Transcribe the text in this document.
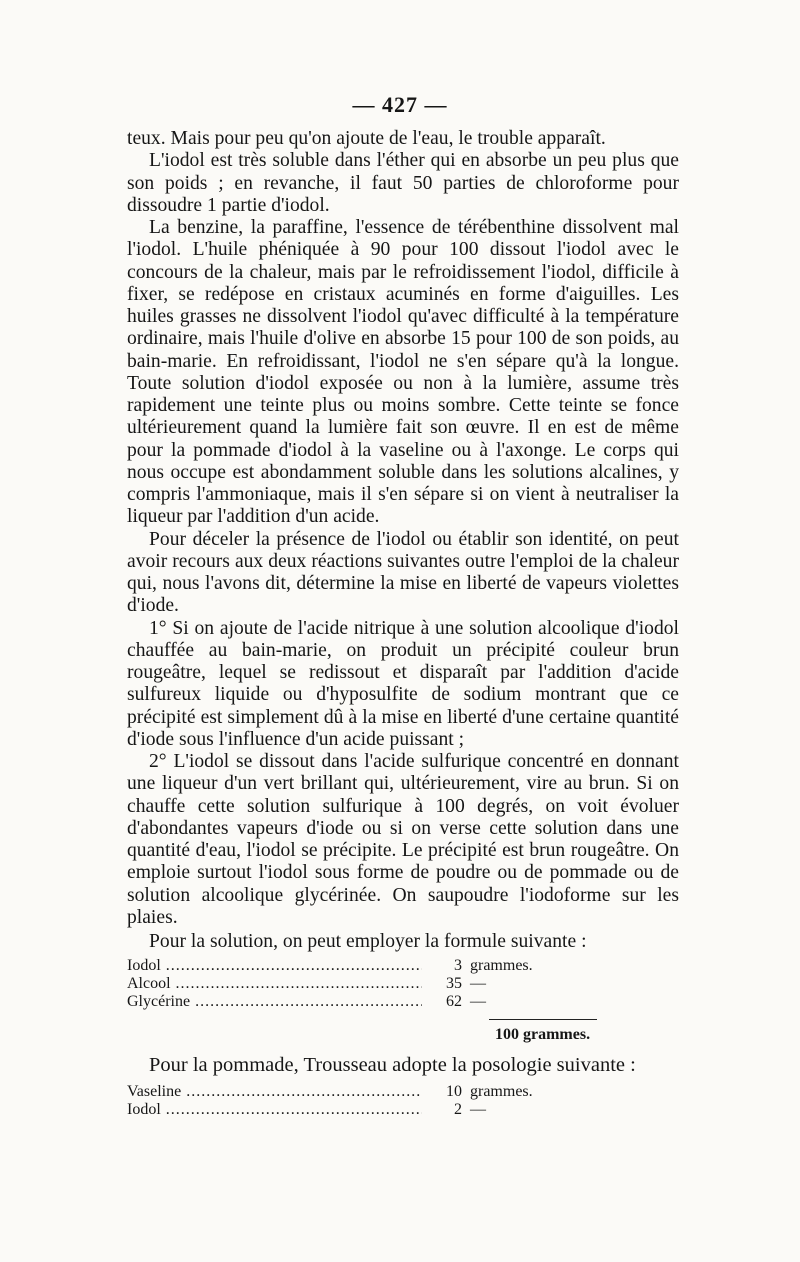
— 427 —

teux. Mais pour peu qu'on ajoute de l'eau, le trouble apparaît.

L'iodol est très soluble dans l'éther qui en absorbe un peu plus que son poids ; en revanche, il faut 50 parties de chloroforme pour dissoudre 1 partie d'iodol.

La benzine, la paraffine, l'essence de térébenthine dissolvent mal l'iodol. L'huile phéniquée à 90 pour 100 dissout l'iodol avec le concours de la chaleur, mais par le refroidissement l'iodol, difficile à fixer, se redépose en cristaux acuminés en forme d'aiguilles. Les huiles grasses ne dissolvent l'iodol qu'avec difficulté à la température ordinaire, mais l'huile d'olive en absorbe 15 pour 100 de son poids, au bain-marie. En refroidissant, l'iodol ne s'en sépare qu'à la longue. Toute solution d'iodol exposée ou non à la lumière, assume très rapidement une teinte plus ou moins sombre. Cette teinte se fonce ultérieurement quand la lumière fait son œuvre. Il en est de même pour la pommade d'iodol à la vaseline ou à l'axonge. Le corps qui nous occupe est abondamment soluble dans les solutions alcalines, y compris l'ammoniaque, mais il s'en sépare si on vient à neutraliser la liqueur par l'addition d'un acide.

Pour déceler la présence de l'iodol ou établir son identité, on peut avoir recours aux deux réactions suivantes outre l'emploi de la chaleur qui, nous l'avons dit, détermine la mise en liberté de vapeurs violettes d'iode.

1° Si on ajoute de l'acide nitrique à une solution alcoolique d'iodol chauffée au bain-marie, on produit un précipité couleur brun rougeâtre, lequel se redissout et disparaît par l'addition d'acide sulfureux liquide ou d'hyposulfite de sodium montrant que ce précipité est simplement dû à la mise en liberté d'une certaine quantité d'iode sous l'influence d'un acide puissant ;

2° L'iodol se dissout dans l'acide sulfurique concentré en donnant une liqueur d'un vert brillant qui, ultérieurement, vire au brun. Si on chauffe cette solution sulfurique à 100 degrés, on voit évoluer d'abondantes vapeurs d'iode ou si on verse cette solution dans une quantité d'eau, l'iodol se précipite. Le précipité est brun rougeâtre. On emploie surtout l'iodol sous forme de poudre ou de pommade ou de solution alcoolique glycérinée. On saupoudre l'iodoforme sur les plaies.

Pour la solution, on peut employer la formule suivante :

Iodol .....	3 grammes.
Alcool .....	35 —
Glycérine .....	62 —
100 grammes.

Pour la pommade, Trousseau adopte la posologie suivante :

Vaseline .....	10 grammes.
Iodol .....	2 —
